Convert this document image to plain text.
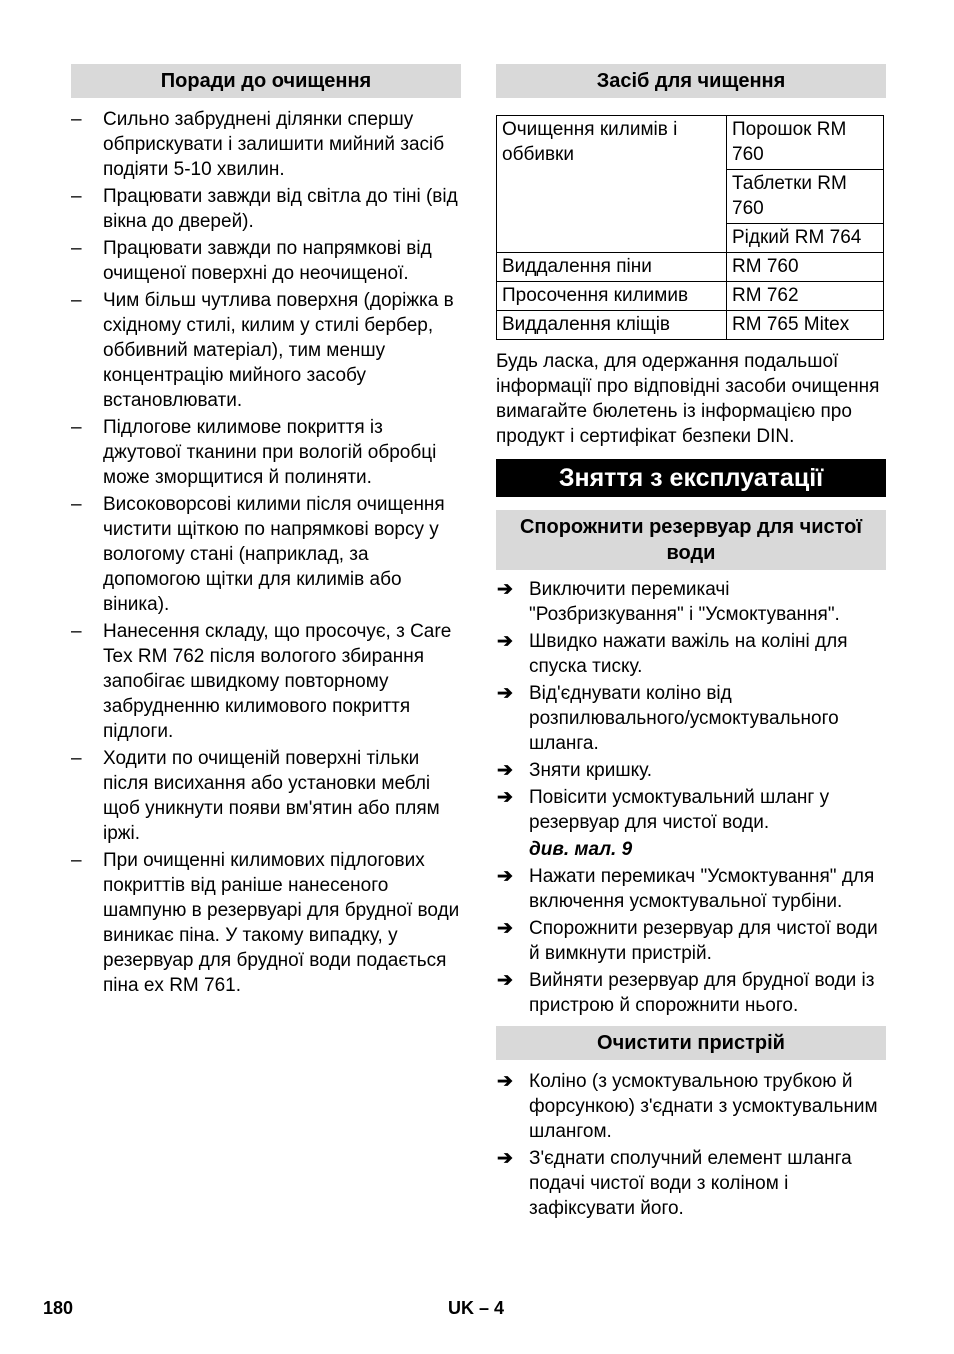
Поради до очищення
– Сильно забруднені ділянки спершу обприскувати і залишити мийний засіб подіяти 5-10 хвилин.
– Працювати завжди від світла до тіні (від вікна до дверей).
– Працювати завжди по напрямкові від очищеної поверхні до неочищеної.
– Чим більш чутлива поверхня (доріжка в східному стилі, килим у стилі бербер, оббивний матеріал), тим меншу концентрацію мийного засобу встановлювати.
– Підлогове килимове покриття із джутової тканини при вологій обробці може зморщитися й полиняти.
– Високоворсові килими після очищення чистити щіткою по напрямкові ворсу у вологому стані (наприклад, за допомогою щітки для килимів або віника).
– Нанесення складу, що просочує, з Care Tex RM 762 після вологого збирання запобігає швидкому повторному забрудненню килимового покриття підлоги.
– Ходити по очищеній поверхні тільки після висихання або установки меблі щоб уникнути появи вм'ятин або плям іржі.
– При очищенні килимових підлогових покриттів від раніше нанесеного шампуню в резервуарі для брудної води виникає піна. У такому випадку, у резервуар для брудної води подається піна ex RM 761.
Засіб для чищення
Очищення килимів і оббивки	Порошок RM 760
	Таблетки RM 760
	Рідкий RM 764
Виддалення піни	RM 760
Просочення килимив	RM 762
Виддалення кліщів	RM 765 Mitex
Будь ласка, для одержання подальшої інформації про відповідні засоби очищення вимагайте бюлетень із інформацією про продукт і сертифікат безпеки DIN.
Зняття з експлуатації
Спорожнити резервуар для чистої води
➔ Виключити перемикачі "Розбризкування" і "Усмоктування".
➔ Швидко нажати важіль на коліні для спуска тиску.
➔ Від'єднувати коліно від розпилювального/усмоктувального шланга.
➔ Зняти кришку.
➔ Повісити усмоктувальний шланг у резервуар для чистої води.
див. мал. 9
➔ Нажати перемикач "Усмоктування" для включення усмоктувальної турбіни.
➔ Спорожнити резервуар для чистої води й вимкнути пристрій.
➔ Вийняти резервуар для брудної води із пристрою й спорожнити нього.
Очистити пристрій
➔ Коліно (з усмоктувальною трубкою й форсункою) з'єднати з усмоктувальним шлангом.
➔ З'єднати сполучний елемент шланга подачі чистої води з коліном і зафіксувати його.
180	UK – 4
